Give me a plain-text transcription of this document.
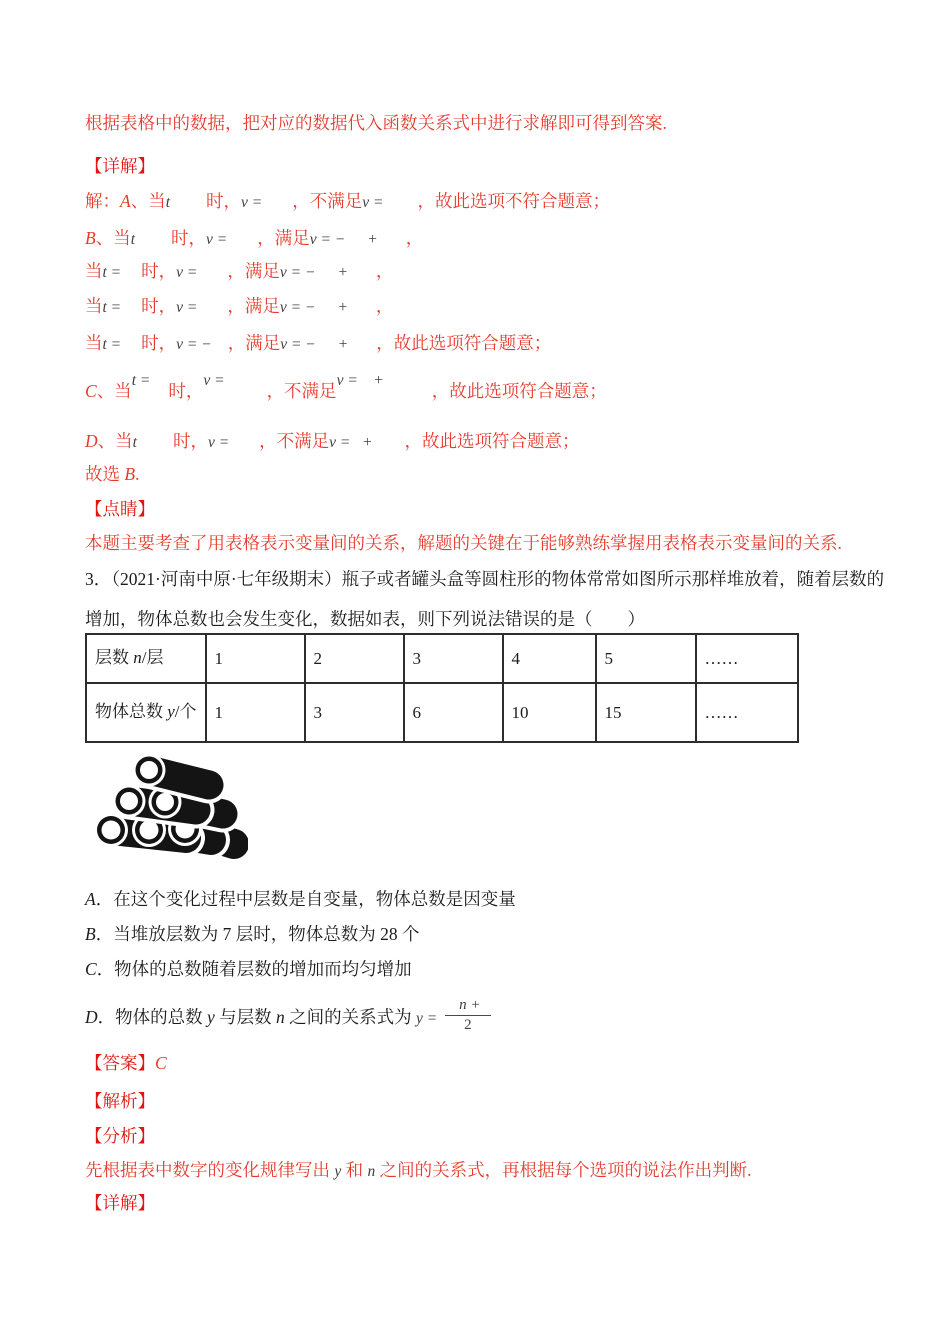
根据表格中的数据，把对应的数据代入函数关系式中进行求解即可得到答案.
【详解】
解：A、当t 时，v = ，不满足v = ，故此选项不符合题意；
B、当t 时，v = ，满足v = − + ，
当t = 时，v = ，满足v = − + ，
当t = 时，v = ，满足v = − + ，
当t = 时，v = − ，满足v = − + ，故此选项符合题意；
C、当t =时，v =，不满足v =    +，故此选项符合题意；
D、当t 时，v = ，不满足v =   + ，故此选项符合题意；
故选 B.
【点睛】
本题主要考查了用表格表示变量间的关系，解题的关键在于能够熟练掌握用表格表示变量间的关系.
3．（2021·河南中原·七年级期末）瓶子或者罐头盒等圆柱形的物体常常如图所示那样堆放着，随着层数的
增加，物体总数也会发生变化，数据如表，则下列说法错误的是（　　）
层数 n/层	1	2	3	4	5	……
物体总数 y/个	1	3	6	10	15	……
A．在这个变化过程中层数是自变量，物体总数是因变量
B．当堆放层数为 7 层时，物体总数为 28 个
C．物体的总数随着层数的增加而均匀增加
D．物体的总数 y 与层数 n 之间的关系式为 $y = \frac{n +}{2}$
【答案】C
【解析】
【分析】
先根据表中数字的变化规律写出 y 和 n 之间的关系式，再根据每个选项的说法作出判断.
【详解】
